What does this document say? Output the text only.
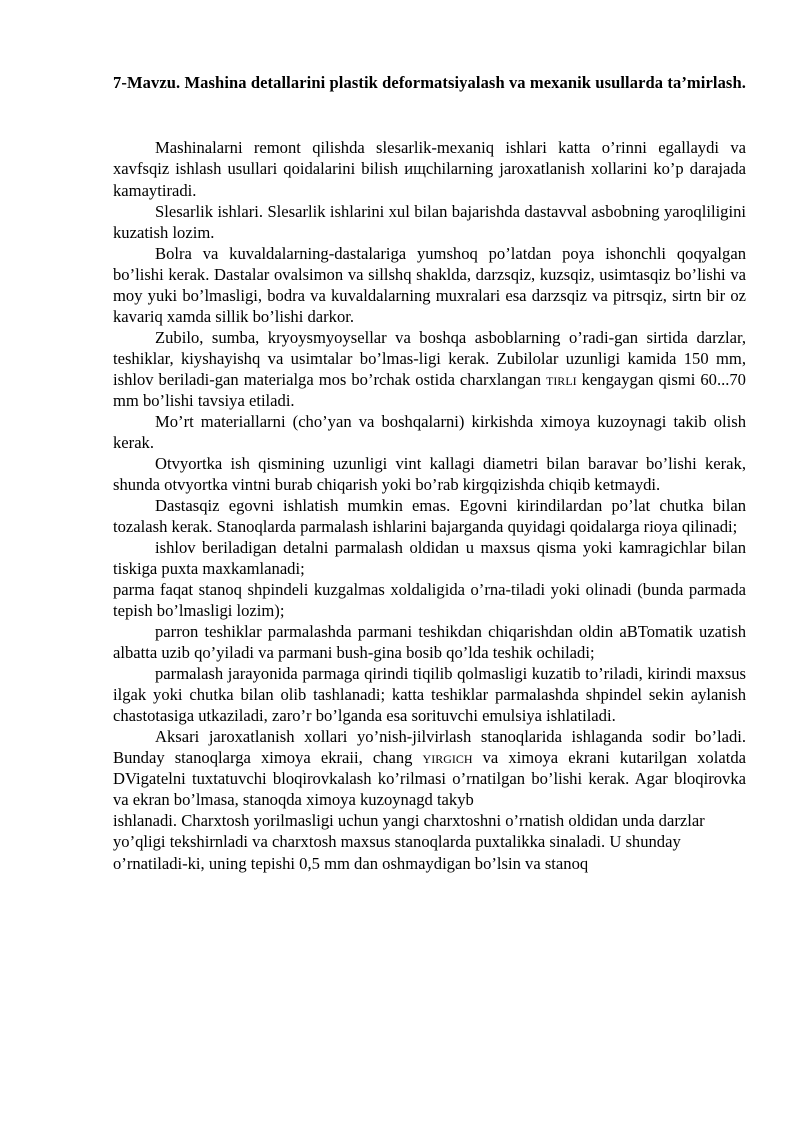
7-Mavzu. Mashina detallarini plastik deformatsiyalash va mexanik usullarda ta’mirlash.

Mashinalarni remont qilishda slesarlik-mexaniq ishlari katta o’rinni egallaydi va xavfsqiz ishlash usullari qoidalarini bilish ищchilarning jaroxatlanish xollarini ko’p darajada kamaytiradi.

Slesarlik ishlari. Slesarlik ishlarini xul bilan bajarishda dastavval asbobning yaroqliligini kuzatish lozim.

Bolra va kuvaldalarning-dastalariga yumshoq po’latdan poya ishonchli qoqyalgan bo’lishi kerak. Dastalar ovalsimon va sillshq shaklda, darzsqiz, kuzsqiz, usimtasqiz bo’lishi va moy yuki bo’lmasligi, bodra va kuvaldalarning muxralari esa darzsqiz va pitrsqiz, sirtn bir oz kavariq xamda sillik bo’lishi darkor.

Zubilo, sumba, kryoysmyoysellar va boshqa asboblarning o’radi-gan sirtida darzlar, teshiklar, kiyshayishq va usimtalar bo’lmas-ligi kerak. Zubilolar uzunligi kamida 150 mm, ishlov beriladi-gan materialga mos bo’rchak ostida charxlangan tirli kengaygan qismi 60...70 mm bo’lishi tavsiya etiladi.

Mo’rt materiallarni (cho’yan va boshqalarni) kirkishda ximoya kuzoynagi takib olish kerak.

Otvyortka ish qismining uzunligi vint kallagi diametri bilan baravar bo’lishi kerak, shunda otvyortka vintni burab chiqarish yoki bo’rab kirgqizishda chiqib ketmaydi.

Dastasqiz egovni ishlatish mumkin emas. Egovni kirindilardan po’lat chutka bilan tozalash kerak. Stanoqlarda parmalash ishlarini bajarganda quyidagi qoidalarga rioya qilinadi;

ishlov beriladigan detalni parmalash oldidan u maxsus qisma yoki kamragichlar bilan tiskiga puxta maxkamlanadi;

parma faqat stanoq shpindeli kuzgalmas xoldaligida o’rna-tiladi yoki olinadi (bunda parmada tepish bo’lmasligi lozim);

parron teshiklar parmalashda parmani teshikdan chiqarishdan oldin aBTomatik uzatish albatta uzib qo’yiladi va parmani bush-gina bosib qo’lda teshik ochiladi;

parmalash jarayonida parmaga qirindi tiqilib qolmasligi kuzatib to’riladi, kirindi maxsus ilgak yoki chutka bilan olib tashlanadi; katta teshiklar parmalashda shpindel sekin aylanish chastotasiga utkaziladi, zaro’r bo’lganda esa sorituvchi emulsiya ishlatiladi.

Aksari jaroxatlanish xollari yo’nish-jilvirlash stanoqlarida ishlaganda sodir bo’ladi. Bunday stanoqlarga ximoya ekraii, chang yirgich va ximoya ekrani kutarilgan xolatda DVigatelni tuxtatuvchi bloqirovkalash ko’rilmasi o’rnatilgan bo’lishi kerak. Agar bloqirovka va ekran bo’lmasa, stanoqda ximoya kuzoynagd takyb

ishlanadi. Charxtosh yorilmasligi uchun yangi charxtoshni o’rnatish oldidan unda darzlar yo’qligi tekshirnladi va charxtosh maxsus stanoqlarda puxtalikka sinaladi. U shunday o’rnatiladi-ki, uning tepishi 0,5 mm dan oshmaydigan bo’lsin va stanoq
